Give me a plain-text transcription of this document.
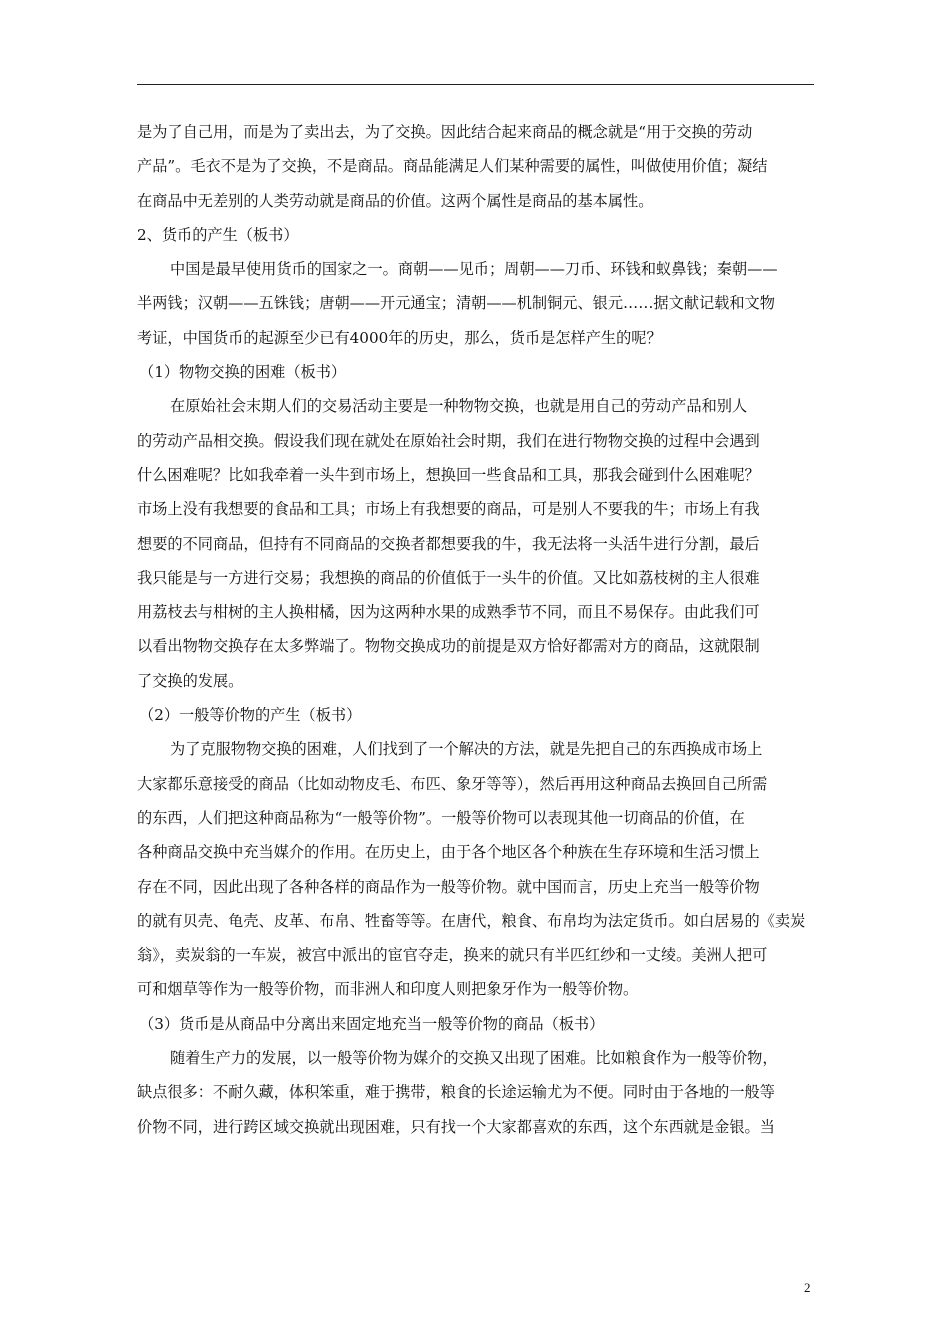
是为了自己用，而是为了卖出去，为了交换。因此结合起来商品的概念就是“用于交换的劳动
产品”。毛衣不是为了交换，不是商品。商品能满足人们某种需要的属性，叫做使用价值；凝结
在商品中无差别的人类劳动就是商品的价值。这两个属性是商品的基本属性。
2、货币的产生（板书）
中国是最早使用货币的国家之一。商朝——见币；周朝——刀币、环钱和蚁鼻钱；秦朝——
半两钱；汉朝——五铢钱；唐朝——开元通宝；清朝——机制铜元、银元……据文献记载和文物
考证，中国货币的起源至少已有4000年的历史，那么，货币是怎样产生的呢？
（1）物物交换的困难（板书）
在原始社会末期人们的交易活动主要是一种物物交换，也就是用自己的劳动产品和别人
的劳动产品相交换。假设我们现在就处在原始社会时期，我们在进行物物交换的过程中会遇到
什么困难呢？比如我牵着一头牛到市场上，想换回一些食品和工具，那我会碰到什么困难呢？
市场上没有我想要的食品和工具；市场上有我想要的商品，可是别人不要我的牛；市场上有我
想要的不同商品，但持有不同商品的交换者都想要我的牛，我无法将一头活牛进行分割，最后
我只能是与一方进行交易；我想换的商品的价值低于一头牛的价值。又比如荔枝树的主人很难
用荔枝去与柑树的主人换柑橘，因为这两种水果的成熟季节不同，而且不易保存。由此我们可
以看出物物交换存在太多弊端了。物物交换成功的前提是双方恰好都需对方的商品，这就限制
了交换的发展。
（2）一般等价物的产生（板书）
为了克服物物交换的困难，人们找到了一个解决的方法，就是先把自己的东西换成市场上
大家都乐意接受的商品（比如动物皮毛、布匹、象牙等等），然后再用这种商品去换回自己所需
的东西，人们把这种商品称为“一般等价物”。一般等价物可以表现其他一切商品的价值，在
各种商品交换中充当媒介的作用。在历史上，由于各个地区各个种族在生存环境和生活习惯上
存在不同，因此出现了各种各样的商品作为一般等价物。就中国而言，历史上充当一般等价物
的就有贝壳、龟壳、皮革、布帛、牲畜等等。在唐代，粮食、布帛均为法定货币。如白居易的《卖炭
翁》，卖炭翁的一车炭，被宫中派出的宦官夺走，换来的就只有半匹红纱和一丈绫。美洲人把可
可和烟草等作为一般等价物，而非洲人和印度人则把象牙作为一般等价物。
（3）货币是从商品中分离出来固定地充当一般等价物的商品（板书）
随着生产力的发展，以一般等价物为媒介的交换又出现了困难。比如粮食作为一般等价物，
缺点很多：不耐久藏，体积笨重，难于携带，粮食的长途运输尤为不便。同时由于各地的一般等
价物不同，进行跨区域交换就出现困难，只有找一个大家都喜欢的东西，这个东西就是金银。当
2
